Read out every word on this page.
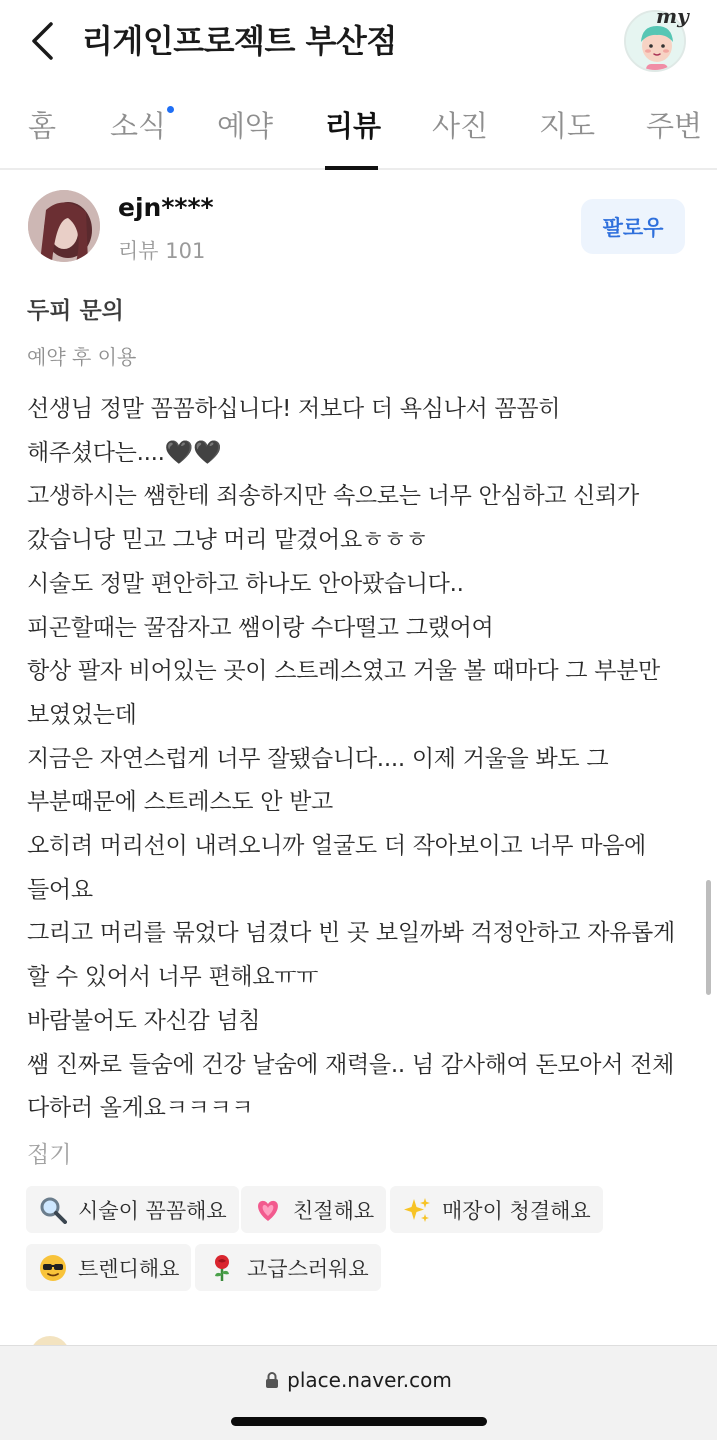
리게인프로젝트 부산점
my
홈 소식 예약 리뷰 사진 지도 주변
ejn****
리뷰 101
팔로우
두피 문의
예약 후 이용
선생님 정말 꼼꼼하십니다! 저보다 더 욕심나서 꼼꼼히 해주셨다는....🖤🖤
고생하시는 쌤한테 죄송하지만 속으로는 너무 안심하고 신뢰가 갔습니당 믿고 그냥 머리 맡겼어요ㅎㅎㅎ
시술도 정말 편안하고 하나도 안아팠습니다..
피곤할때는 꿀잠자고 쌤이랑 수다떨고 그랬어여
항상 팔자 비어있는 곳이 스트레스였고 거울 볼 때마다 그 부분만 보였었는데
지금은 자연스럽게 너무 잘됐습니다.... 이제 거울을 봐도 그 부분때문에 스트레스도 안 받고
오히려 머리선이 내려오니까 얼굴도 더 작아보이고 너무 마음에 들어요
그리고 머리를 묶었다 넘겼다 빈 곳 보일까봐 걱정안하고 자유롭게 할 수 있어서 너무 편해요ㅠㅠ
바람불어도 자신감 넘침
쌤 진짜로 들숨에 건강 날숨에 재력을.. 넘 감사해여 돈모아서 전체 다하러 올게요ㅋㅋㅋㅋ
접기
시술이 꼼꼼해요	친절해요	매장이 청결해요
트렌디해요	고급스러워요
place.naver.com
